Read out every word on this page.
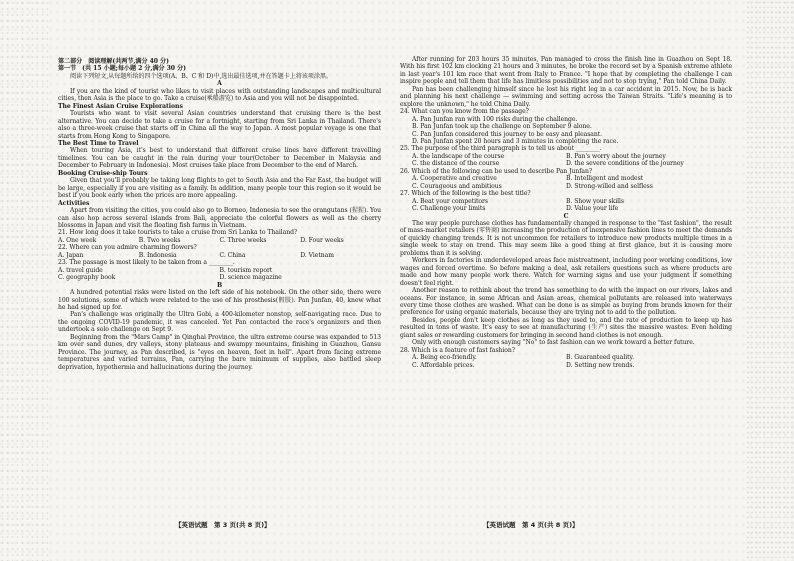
第二部分　阅读理解(共两节,满分 40 分)
第一节　(共 15 小题;每小题 2 分,满分 30 分)
阅读下列短文,从每题所给的四个选项(A、B、C 和 D)中,选出最佳选项,并在答题卡上将该项涂黑。
A

If you are the kind of tourist who likes to visit places with outstanding landscapes and multicultural cities, then Asia is the place to go. Take a cruise(乘船游览) to Asia and you will not be disappointed.

The Finest Asian Cruise Explorations

Tourists who want to visit several Asian countries understand that cruising there is the best alternative. You can decide to take a cruise for a fortnight, starting from Sri Lanka in Thailand. There's also a three-week cruise that starts off in China all the way to Japan. A most popular voyage is one that starts from Hong Kong to Singapore.

The Best Time to Travel

When touring Asia, it's best to understand that different cruise lines have different travelling timelines. You can be caught in the rain during your tour(October to December in Malaysia and December to February in Indonesia). Most cruises take place from December to the end of March.

Booking Cruise-ship Tours

Given that you'll probably be taking long flights to get to South Asia and the Far East, the budget will be large, especially if you are visiting as a family. In addition, many people tour this region so it would be best if you book early when the prices are more appealing.

Activities

Apart from visiting the cities, you could also go to Borneo, Indonesia to see the orangutans (猩猩). You can also hop across several islands from Bali, appreciate the colorful flowers as well as the cherry blossoms in Japan and visit the floating fish farms in Vietnam.

21. How long does it take tourists to take a cruise from Sri Lanka to Thailand?
A. One week	B. Two weeks	C. Three weeks	D. Four weeks
22. Where can you admire charming flowers?
A. Japan	B. Indonesia	C. China	D. Vietnam
23. The passage is most likely to be taken from a ________.
A. travel guide	B. tourism report
C. geography book	D. science magazine
B

A hundred potential risks were listed on the left side of his notebook. On the other side, there were 100 solutions, some of which were related to the use of his prosthesis(假肢). Pan Junfan, 40, knew what he had signed up for.

Pan's challenge was originally the Ultra Gobi, a 400-kilometer nonstop, self-navigating race. Due to the ongoing COVID-19 pandemic, it was canceled. Yet Pan contacted the race's organizers and then undertook a solo challenge on Sept 9.

Beginning from the "Mars Camp" in Qinghai Province, the ultra extreme course was expanded to 513 km over sand dunes, dry valleys, stony plateaus and swampy mountains, finishing in Guazhou, Gansu Province. The journey, as Pan described, is "eyes on heaven, feet in hell". Apart from facing extreme temperatures and varied terrains, Pan, carrying the bare minimum of supplies, also battled sleep deprivation, hypothermia and hallucinations during the journey.

After running for 203 hours 35 minutes, Pan managed to cross the finish line in Guazhou on Sept 18. With his first 102 km clocking 21 hours and 3 minutes, he broke the record set by a Spanish extreme athlete in last year's 101 km race that went from Italy to France. "I hope that by completing the challenge I can inspire people and tell them that life has limitless possibilities and not to stop trying," Pan told China Daily.

Pan has been challenging himself since he lost his right leg in a car accident in 2015. Now, he is back and planning his next challenge — swimming and setting across the Taiwan Straits. "Life's meaning is to explore the unknown," he told China Daily.

24. What can you know from the passage?
A. Pan Junfan ran with 100 risks during the challenge.
B. Pan Junfan took up the challenge on September 9 alone.
C. Pan Junfan considered this journey to be easy and pleasant.
D. Pan Junfan spent 20 hours and 3 minutes in completing the race.
25. The purpose of the third paragraph is to tell us about ________.
A. the landscape of the course	B. Pan's worry about the journey
C. the distance of the course	D. the severe conditions of the journey
26. Which of the following can be used to describe Pan Junfan?
A. Cooperative and creative	B. Intelligent and modest
C. Courageous and ambitious	D. Strong-willed and selfless
27. Which of the following is the best title?
A. Beat your competitors	B. Show your skills
C. Challenge your limits	D. Value your life
C

The way people purchase clothes has fundamentally changed in response to the "fast fashion", the result of mass-market retailers (零售商) increasing the production of inexpensive fashion lines to meet the demands of quickly changing trends. It is not uncommon for retailers to introduce new products multiple times in a single week to stay on trend. This may seem like a good thing at first glance, but it is causing more problems than it is solving.

Workers in factories in underdeveloped areas face mistreatment, including poor working conditions, low wages and forced overtime. So before making a deal, ask retailers questions such as where products are made and how many people work there. Watch for warning signs and use your judgment if something doesn't feel right.

Another reason to rethink about the trend has something to do with the impact on our rivers, lakes and oceans. For instance, in some African and Asian areas, chemical pollutants are released into waterways every time those clothes are washed. What can be done is as simple as buying from brands known for their preference for using organic materials, because they are trying not to add to the pollution.

Besides, people don't keep clothes as long as they used to, and the rate of production to keep up has resulted in tons of waste. It's easy to see at manufacturing (生产) sites the massive wastes. Even holding giant sales or rewarding customers for bringing in second hand clothes is not enough.

Only with enough customers saying "No" to fast fashion can we work toward a better future.

28. Which is a feature of fast fashion?
A. Being eco-friendly.	B. Guaranteed quality.
C. Affordable prices.	D. Setting new trends.
【英语试题　第 3 页(共 8 页)】	【英语试题　第 4 页(共 8 页)】
